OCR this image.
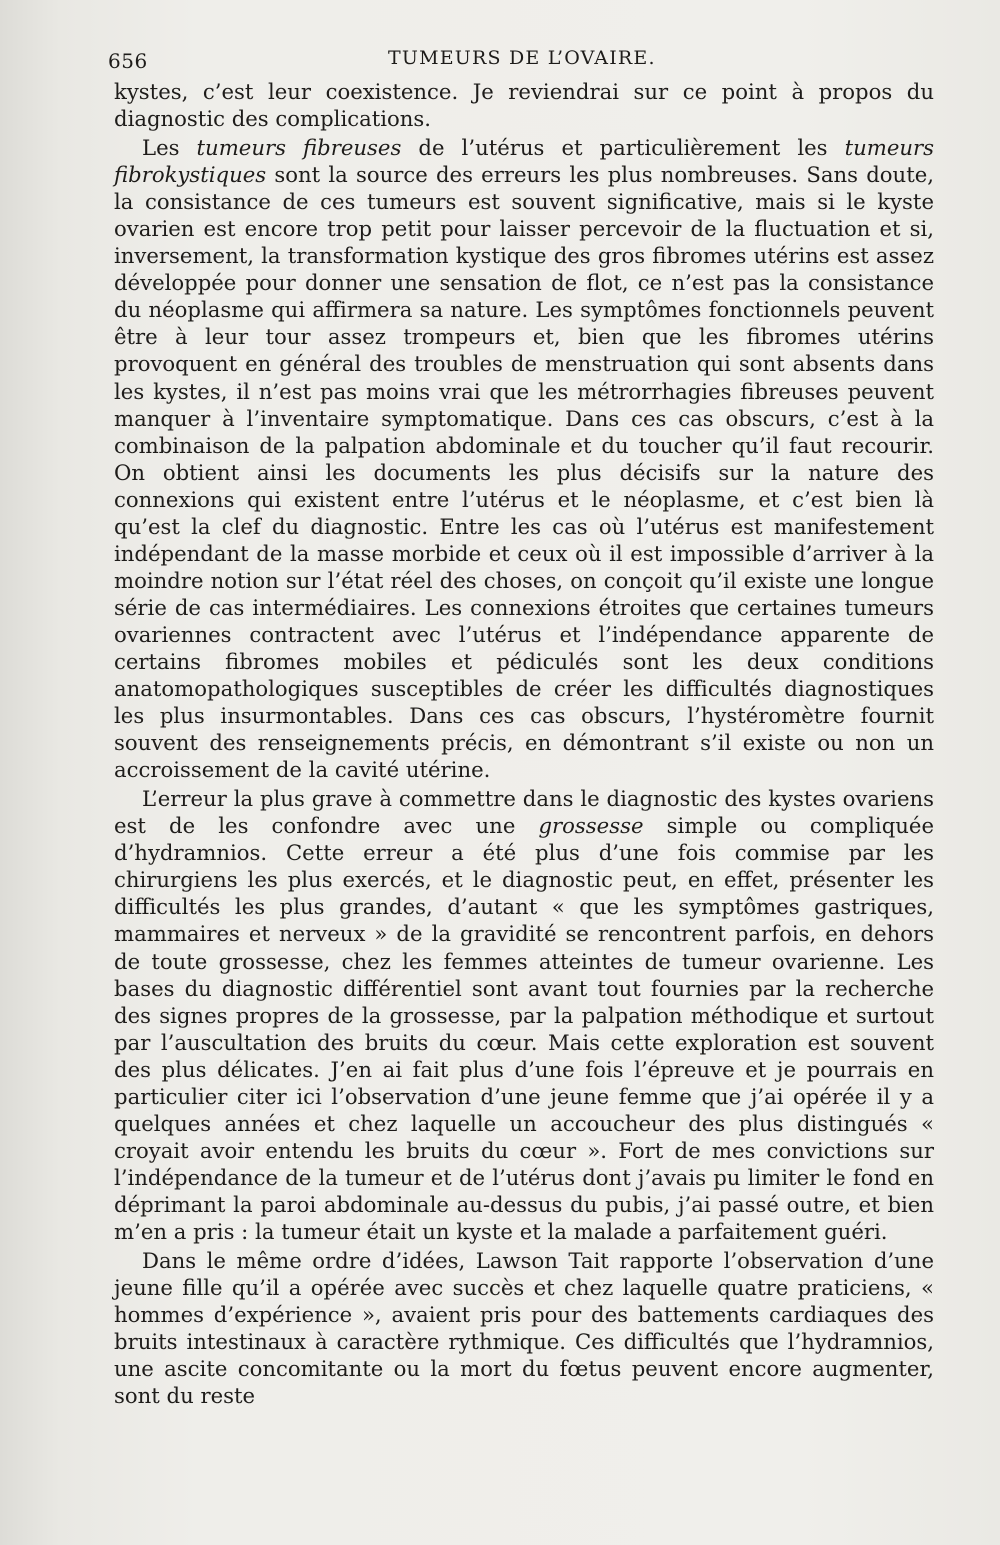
656	TUMEURS DE L’OVAIRE.

kystes, c’est leur coexistence. Je reviendrai sur ce point à propos du diagnostic des complications.

Les tumeurs fibreuses de l’utérus et particulièrement les tumeurs fibrokystiques sont la source des erreurs les plus nombreuses. Sans doute, la consistance de ces tumeurs est souvent significative, mais si le kyste ovarien est encore trop petit pour laisser percevoir de la fluctuation et si, inversement, la transformation kystique des gros fibromes utérins est assez développée pour donner une sensation de flot, ce n’est pas la consistance du néoplasme qui affirmera sa nature. Les symptômes fonctionnels peuvent être à leur tour assez trompeurs et, bien que les fibromes utérins provoquent en général des troubles de menstruation qui sont absents dans les kystes, il n’est pas moins vrai que les métrorrhagies fibreuses peuvent manquer à l’inventaire symptomatique. Dans ces cas obscurs, c’est à la combinaison de la palpation abdominale et du toucher qu’il faut recourir. On obtient ainsi les documents les plus décisifs sur la nature des connexions qui existent entre l’utérus et le néoplasme, et c’est bien là qu’est la clef du diagnostic. Entre les cas où l’utérus est manifestement indépendant de la masse morbide et ceux où il est impossible d’arriver à la moindre notion sur l’état réel des choses, on conçoit qu’il existe une longue série de cas intermédiaires. Les connexions étroites que certaines tumeurs ovariennes contractent avec l’utérus et l’indépendance apparente de certains fibromes mobiles et pédiculés sont les deux conditions anatomopathologiques susceptibles de créer les difficultés diagnostiques les plus insurmontables. Dans ces cas obscurs, l’hystéromètre fournit souvent des renseignements précis, en démontrant s’il existe ou non un accroissement de la cavité utérine.

L’erreur la plus grave à commettre dans le diagnostic des kystes ovariens est de les confondre avec une grossesse simple ou compliquée d’hydramnios. Cette erreur a été plus d’une fois commise par les chirurgiens les plus exercés, et le diagnostic peut, en effet, présenter les difficultés les plus grandes, d’autant « que les symptômes gastriques, mammaires et nerveux » de la gravidité se rencontrent parfois, en dehors de toute grossesse, chez les femmes atteintes de tumeur ovarienne. Les bases du diagnostic différentiel sont avant tout fournies par la recherche des signes propres de la grossesse, par la palpation méthodique et surtout par l’auscultation des bruits du cœur. Mais cette exploration est souvent des plus délicates. J’en ai fait plus d’une fois l’épreuve et je pourrais en particulier citer ici l’observation d’une jeune femme que j’ai opérée il y a quelques années et chez laquelle un accoucheur des plus distingués « croyait avoir entendu les bruits du cœur ». Fort de mes convictions sur l’indépendance de la tumeur et de l’utérus dont j’avais pu limiter le fond en déprimant la paroi abdominale au-dessus du pubis, j’ai passé outre, et bien m’en a pris : la tumeur était un kyste et la malade a parfaitement guéri.

Dans le même ordre d’idées, Lawson Tait rapporte l’observation d’une jeune fille qu’il a opérée avec succès et chez laquelle quatre praticiens, « hommes d’expérience », avaient pris pour des battements cardiaques des bruits intestinaux à caractère rythmique. Ces difficultés que l’hydramnios, une ascite concomitante ou la mort du fœtus peuvent encore augmenter, sont du reste
